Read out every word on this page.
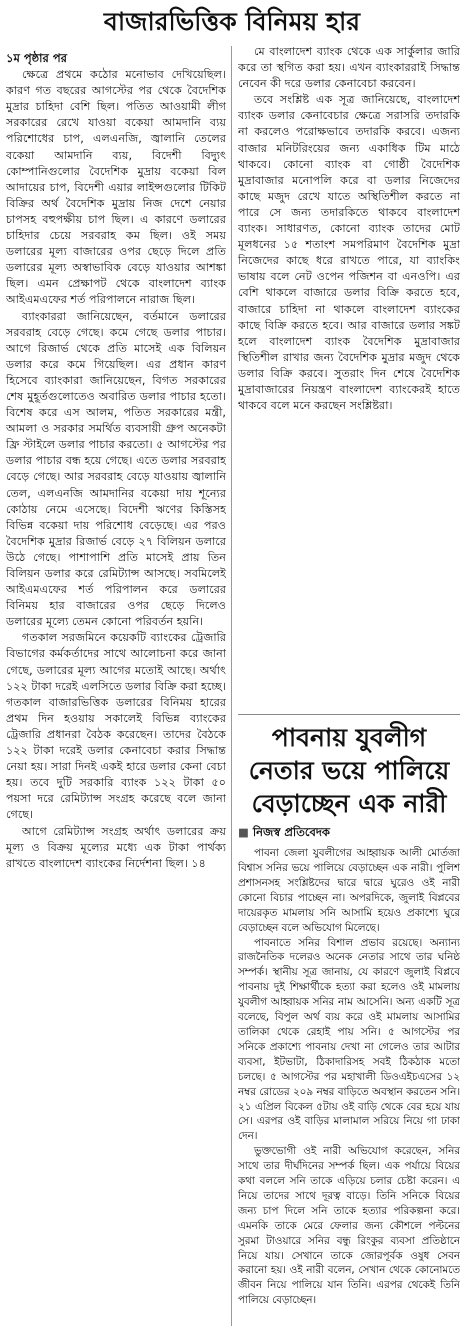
বাজারভিত্তিক বিনিময় হার
১ম পৃষ্ঠার পর

ক্ষেত্রে প্রথমে কঠোর মনোভাব দেখিয়েছিল। কারণ গত বছরের আগস্টের পর থেকে বৈদেশিক মুদ্রার চাহিদা বেশি ছিল। পতিত আওয়ামী লীগ সরকারের রেখে যাওয়া বকেয়া আমদানি ব্যয় পরিশোধের চাপ, এলএনজি, জ্বালানি তেলের বকেয়া আমদানি ব্যয়, বিদেশী বিদ্যুৎ কোম্পানিগুলোর বৈদেশিক মুদ্রায় বকেয়া বিল আদায়ের চাপ, বিদেশী এয়ার লাইন্সগুলোর টিকিট বিক্রির অর্থ বৈদেশিক মুদ্রায় নিজ দেশে নেয়ার চাপসহ বহুপক্ষীয় চাপ ছিল। এ কারণে ডলারের চাহিদার চেয়ে সরবরাহ কম ছিল। ওই সময় ডলারের মূল্য বাজারের ওপর ছেড়ে দিলে প্রতি ডলারের মূল্য অস্বাভাবিক বেড়ে যাওয়ার আশঙ্কা ছিল। এমন প্রেক্ষাপট থেকে বাংলাদেশ ব্যাংক আইএমএফের শর্ত পরিপালনে নারাজ ছিল।

ব্যাংকাররা জানিয়েছেন, বর্তমানে ডলারের সরবরাহ বেড়ে গেছে। কমে গেছে ডলার পাচার। আগে রিজার্ভ থেকে প্রতি মাসেই এক বিলিয়ন ডলার করে কমে গিয়েছিল। এর প্রধান কারণ হিসেবে ব্যাংকারা জানিয়েছেন, বিগত সরকারের শেষ মুহূর্তগুলোতেও অবারিত ডলার পাচার হতো। বিশেষ করে এস আলম, পতিত সরকারের মন্ত্রী, আমলা ও সরকার সমর্থিত ব্যবসায়ী গ্রুপ অনেকটা ফ্রি স্টাইলে ডলার পাচার করতো। ৫ আগস্টের পর ডলার পাচার বন্ধ হয়ে গেছে। এতে ডলার সরবরাহ বেড়ে গেছে। আর সরবরাহ বেড়ে যাওয়ায় জ্বালানি তেল, এলএনজি আমদানির বকেয়া দায় শূন্যের কোঠায় নেমে এসেছে। বিদেশী ঋণের কিস্তিসহ বিভিন্ন বকেয়া দায় পরিশোধ বেড়েছে। এর পরও বৈদেশিক মুদ্রার রিজার্ভ বেড়ে ২৭ বিলিয়ন ডলারে উঠে গেছে। পাশাপাশি প্রতি মাসেই প্রায় তিন বিলিয়ন ডলার করে রেমিট্যান্স আসছে। সবমিলেই আইএমএফের শর্ত পরিপালন করে ডলারের বিনিময় হার বাজারের ওপর ছেড়ে দিলেও ডলারের মূল্যে তেমন কোনো পরিবর্তন হয়নি।

গতকাল সরজমিনে কয়েকটি ব্যাংকের ট্রেজারি বিভাগের কর্মকর্তাদের সাথে আলোচনা করে জানা গেছে, ডলারের মূল্য আগের মতোই আছে। অর্থাৎ ১২২ টাকা দরেই এলসিতে ডলার বিক্রি করা হচ্ছে। গতকাল বাজারভিত্তিক ডলারের বিনিময় হারের প্রথম দিন হওয়ায় সকালেই বিভিন্ন ব্যাংকের ট্রেজারি প্রধানরা বৈঠক করেছেন। তাদের বৈঠকে ১২২ টাকা দরেই ডলার কেনাবেচা করার সিদ্ধান্ত নেয়া হয়। সারা দিনই একই হারে ডলার কেনা বেচা হয়। তবে দুটি সরকারি ব্যাংক ১২২ টাকা ৫০ পয়সা দরে রেমিট্যান্স সংগ্রহ করেছে বলে জানা গেছে।

আগে রেমিট্যান্স সংগ্রহ অর্থাৎ ডলারের ক্রয় মূল্য ও বিক্রয় মূল্যের মধ্যে এক টাকা পার্থক্য রাখতে বাংলাদেশ ব্যাংকের নির্দেশনা ছিল। ১৪

মে বাংলাদেশ ব্যাংক থেকে এক সার্কুলার জারি করে তা স্থগিত করা হয়। এখন ব্যাংকাররাই সিদ্ধান্ত নেবেন কী দরে ডলার কেনাবেচা করবেন।

তবে সংশ্লিষ্ট এক সূত্র জানিয়েছে, বাংলাদেশ ব্যাংক ডলার কেনাবেচার ক্ষেত্রে সরাসরি তদারকি না করলেও পরোক্ষভাবে তদারকি করবে। এজন্য বাজার মনিটরিংয়ের জন্য একাধিক টিম মাঠে থাকবে। কোনো ব্যাংক বা গোষ্ঠী বৈদেশিক মুদ্রাবাজার মনোপলি করে বা ডলার নিজেদের কাছে মজুদ রেখে যাতে অস্থিতিশীল করতে না পারে সে জন্য তদারকিতে থাকবে বাংলাদেশ ব্যাংক। সাধারণত, কোনো ব্যাংক তাদের মোট মূলধনের ১৫ শতাংশ সমপরিমাণ বৈদেশিক মুদ্রা নিজেদের কাছে ধরে রাখতে পারে, যা ব্যাংকিং ভাষায় বলে নেট ওপেন পজিশন বা এনওপি। এর বেশি থাকলে বাজারে ডলার বিক্রি করতে হবে, বাজারে চাহিদা না থাকলে বাংলাদেশ ব্যাংকের কাছে বিক্রি করতে হবে। আর বাজারে ডলার সঙ্কট হলে বাংলাদেশ ব্যাংক বৈদেশিক মুদ্রাবাজার স্থিতিশীল রাখার জন্য বৈদেশিক মুদ্রার মজুদ থেকে ডলার বিক্রি করবে। সুতরাং দিন শেষে বৈদেশিক মুদ্রাবাজারের নিয়ন্ত্রণ বাংলাদেশ ব্যাংকেরই হাতে থাকবে বলে মনে করছেন সংশ্লিষ্টরা।

পাবনায় যুবলীগ নেতার ভয়ে পালিয়ে বেড়াচ্ছেন এক নারী
■ নিজস্ব প্রতিবেদক

পাবনা জেলা যুবলীগের আহ্বায়ক আলী মোর্তজা বিশ্বাস সনির ভয়ে পালিয়ে বেড়াচ্ছেন এক নারী। পুলিশ প্রশাসনসহ সংশ্লিষ্টদের দ্বারে দ্বারে ঘুরেও ওই নারী কোনো বিচার পাচ্ছেন না। অপরদিকে, জুলাই বিপ্লবের দায়েরকৃত মামলায় সনি আসামি হয়েও প্রকাশ্যে ঘুরে বেড়াচ্ছেন বলে অভিযোগ মিলেছে।

পাবনাতে সনির বিশাল প্রভাব রয়েছে। অন্যান্য রাজনৈতিক দলেরও অনেক নেতার সাথে তার ঘনিষ্ঠ সম্পর্ক। স্থানীয় সূত্র জানায়, যে কারণে জুলাই বিপ্লবে পাবনায় দুই শিক্ষার্থীকে হত্যা করা হলেও ওই মামলায় যুবলীগ আহ্বায়ক সনির নাম আসেনি। অন্য একটি সূত্র বলেছে, বিপুল অর্থ ব্যয় করে ওই মামলায় আসামির তালিকা থেকে রেহাই পায় সনি। ৫ আগস্টের পর সনিকে প্রকাশ্যে পাবনায় দেখা না গেলেও তার আটার ব্যবসা, ইটভাটা, ঠিকাদারিসহ সবই ঠিকঠাক মতো চলছে। ৫ আগস্টের পর মহাখালী ডিওএইচএসের ১২ নম্বর রোডের ২০৯ নম্বর বাড়িতে অবস্থান করতেন সনি। ২১ এপ্রিল বিকেল ৫টায় ওই বাড়ি থেকে বের হয়ে যায় সে। এরপর ওই বাড়ির মালামাল সরিয়ে নিয়ে গা ঢাকা দেন।

ভুক্তভোগী ওই নারী অভিযোগ করেছেন, সনির সাথে তার দীর্ঘদিনের সম্পর্ক ছিল। এক পর্যায়ে বিয়ের কথা বললে সনি তাকে এড়িয়ে চলার চেষ্টা করেন। এ নিয়ে তাদের সাথে দূরত্ব বাড়ে। তিনি সনিকে বিয়ের জন্য চাপ দিলে সনি তাকে হত্যার পরিকল্পনা করে। এমনকি তাকে মেরে ফেলার জন্য কৌশলে পল্টনের সুরমা টাওয়ারে সনির বন্ধু রিংকুর ব্যবসা প্রতিষ্ঠানে নিয়ে যায়। সেখানে তাকে জোরপূর্বক ওষুধ সেবন করানো হয়। ওই নারী বলেন, সেখান থেকে কোনোমতে জীবন নিয়ে পালিয়ে যান তিনি। এরপর থেকেই তিনি পালিয়ে বেড়াচ্ছেন।
